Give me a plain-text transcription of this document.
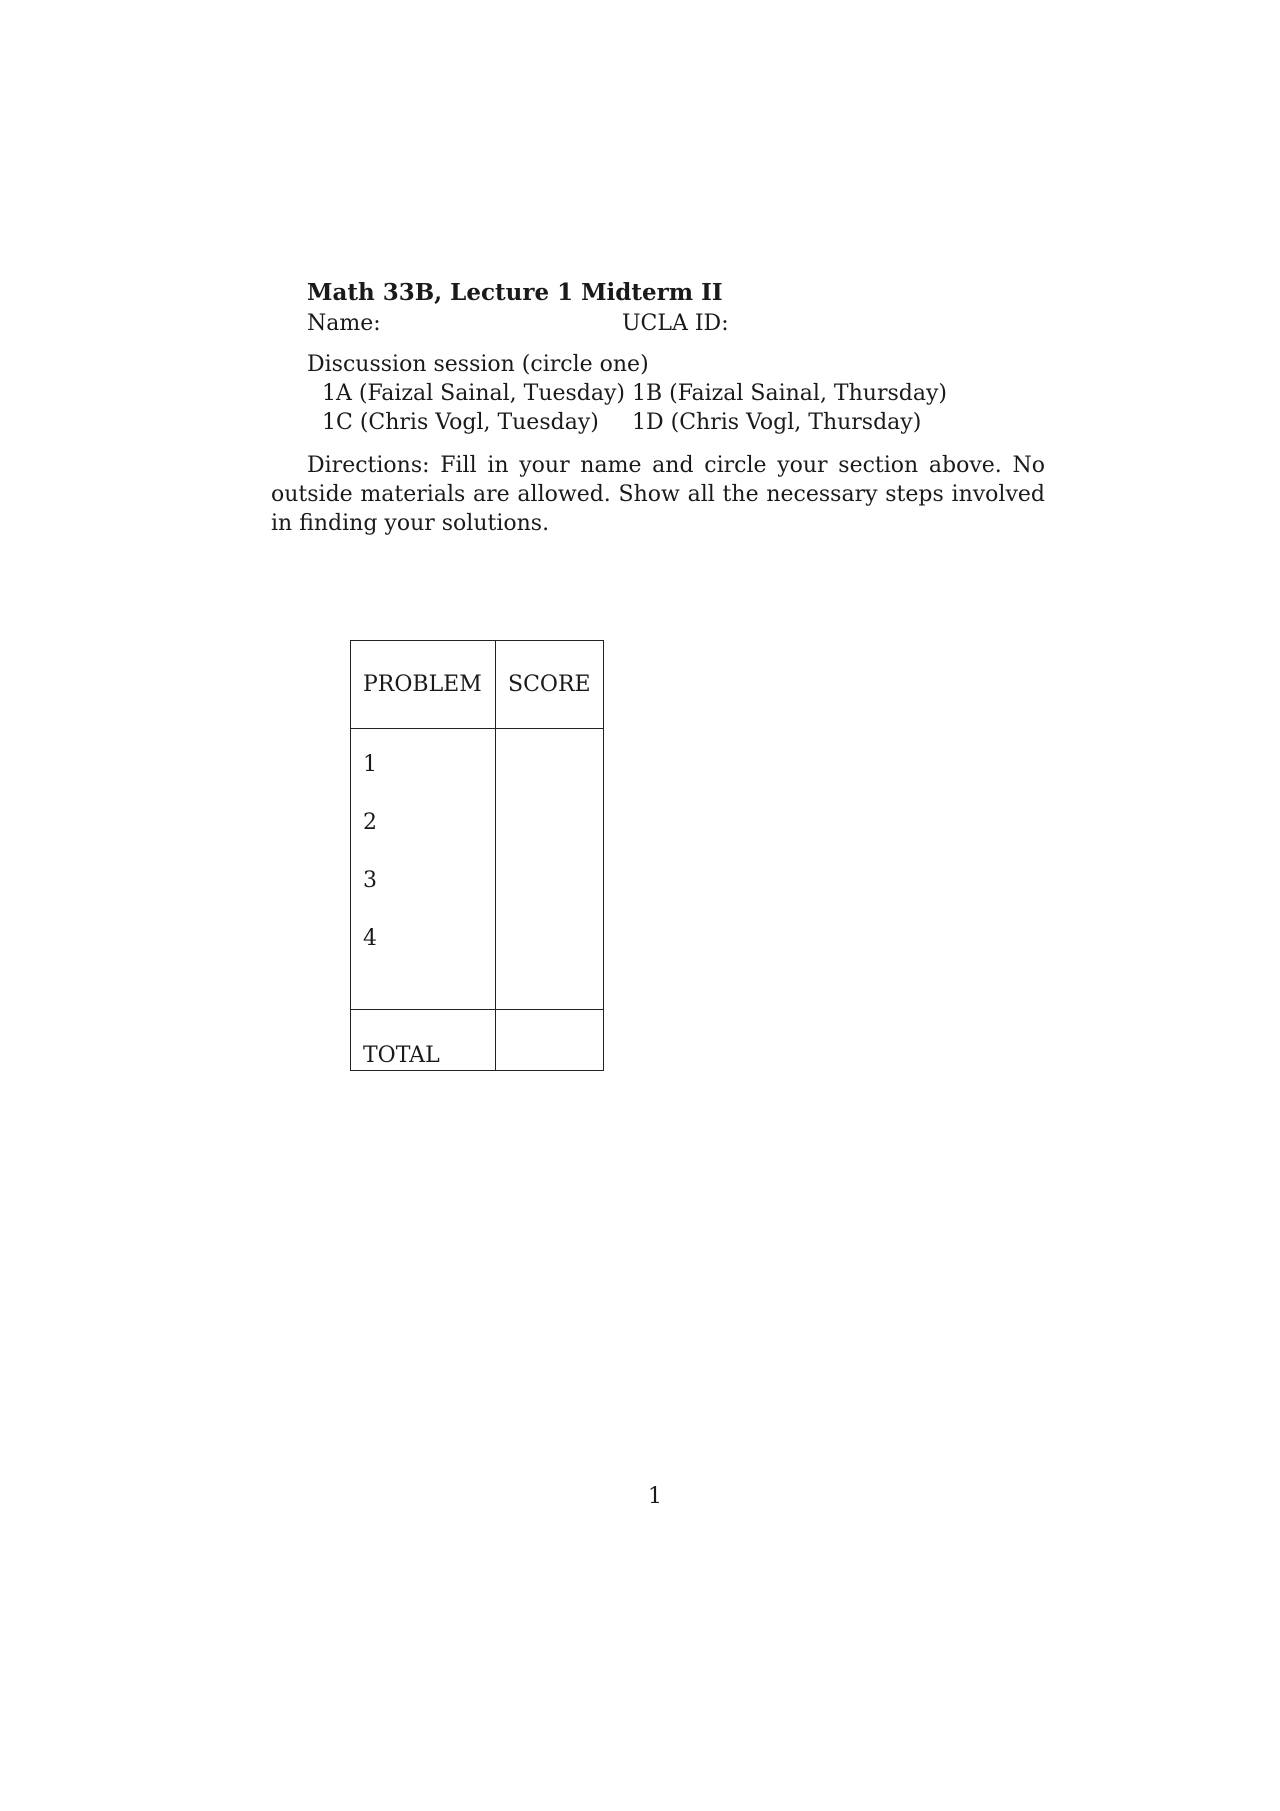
Math 33B, Lecture 1 Midterm II
Name:	UCLA ID:
Discussion session (circle one)
1A (Faizal Sainal, Tuesday) 1B (Faizal Sainal, Thursday)
1C (Chris Vogl, Tuesday) 1D (Chris Vogl, Thursday)
Directions: Fill in your name and circle your section above. No outside materials are allowed. Show all the necessary steps involved in finding your solutions.
PROBLEM	SCORE

1
2
3
4	

TOTAL	
1
